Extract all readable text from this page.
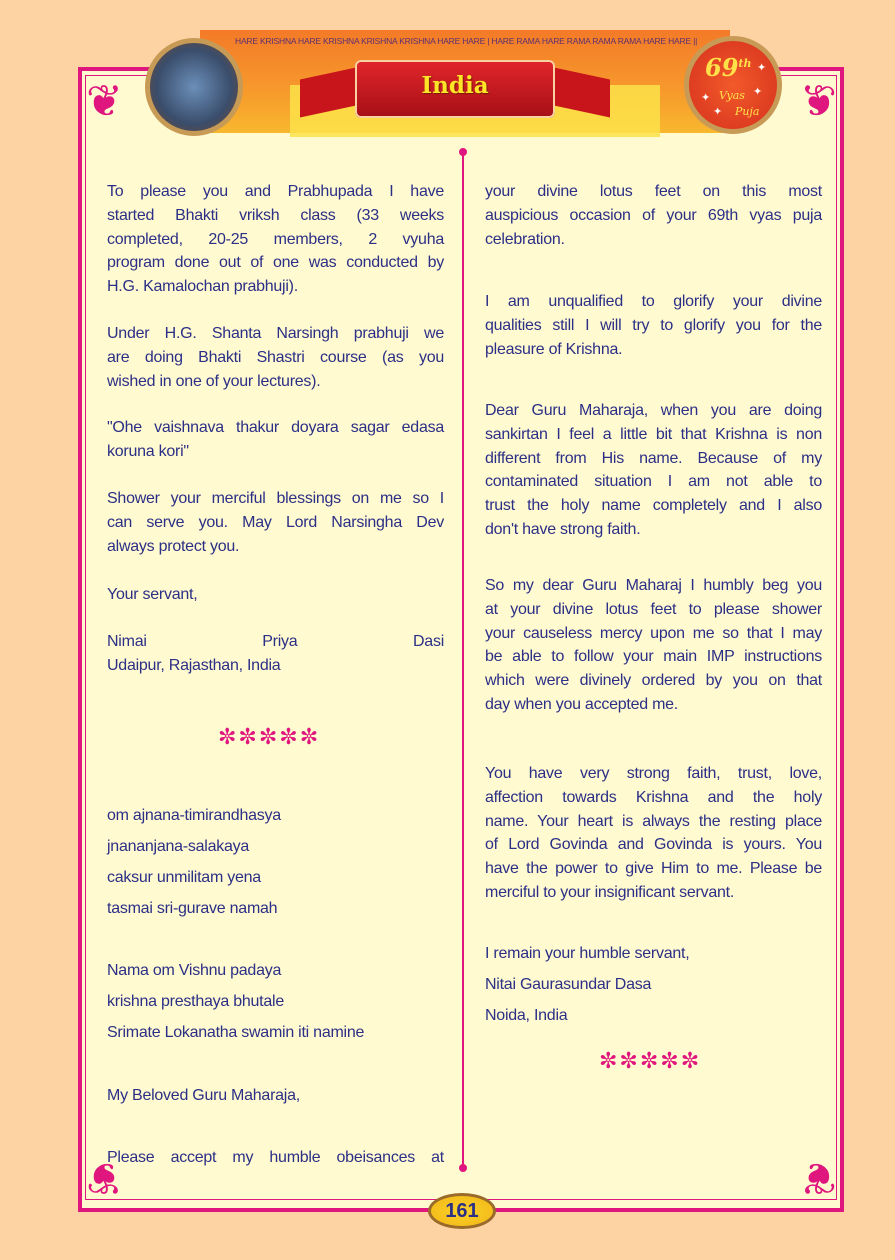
❦	❦
❦	❦
HARE KRISHNA HARE KRISHNA KRISHNA KRISHNA HARE HARE | HARE RAMA HARE RAMA RAMA RAMA HARE HARE ||
India
69th
Vyas
Puja
✦
✦	✦
✦
To please you and Prabhupada I have
started Bhakti vriksh class (33 weeks
completed, 20-25 members, 2 vyuha
program done out of one was conducted by
H.G. Kamalochan prabhuji).
Under H.G. Shanta Narsingh prabhuji we
are doing Bhakti Shastri course (as you
wished in one of your lectures).
"Ohe vaishnava thakur doyara sagar edasa
koruna kori"
Shower your merciful blessings on me so I
can serve you. May Lord Narsingha Dev
always protect you.
Your servant,
Nimai Priya Dasi
Udaipur, Rajasthan, India
om ajnana-timirandhasya
jnananjana-salakaya
caksur unmilitam yena
tasmai sri-gurave namah
Nama om Vishnu padaya
krishna presthaya bhutale
Srimate Lokanatha swamin iti namine
My Beloved Guru Maharaja,
Please accept my humble obeisances at
your divine lotus feet on this most
auspicious occasion of your 69th vyas puja
celebration.
I am unqualified to glorify your divine
qualities still I will try to glorify you for the
pleasure of Krishna.
Dear Guru Maharaja, when you are doing
sankirtan I feel a little bit that Krishna is non
different from His name. Because of my
contaminated situation I am not able to
trust the holy name completely and I also
don't have strong faith.
So my dear Guru Maharaj I humbly beg you
at your divine lotus feet to please shower
your causeless mercy upon me so that I may
be able to follow your main IMP instructions
which were divinely ordered by you on that
day when you accepted me.
You have very strong faith, trust, love,
affection towards Krishna and the holy
name. Your heart is always the resting place
of Lord Govinda and Govinda is yours. You
have the power to give Him to me. Please be
merciful to your insignificant servant.
I remain your humble servant,
Nitai Gaurasundar Dasa
Noida, India
✼✼✼✼✼
✼✼✼✼✼
161
